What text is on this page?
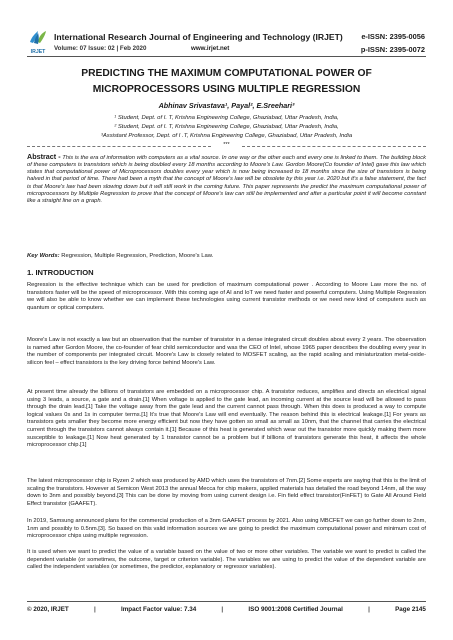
IRJET
International Research Journal of Engineering and Technology (IRJET)
Volume: 07 Issue: 02 | Feb 2020	www.irjet.net
e-ISSN: 2395-0056
p-ISSN: 2395-0072
PREDICTING THE MAXIMUM COMPUTATIONAL POWER OF MICROPROCESSORS USING MULTIPLE REGRESSION
Abhinav Srivastava¹, Payal², E.Sreehari³
¹ Student, Dept. of I. T, Krishna Engineering College, Ghaziabad, Uttar Pradesh, India,
² Student, Dept. of I. T, Krishna Engineering College, Ghaziabad, Uttar Pradesh, India,
³Assistant Professor, Dept. of I .T, Krishna Engineering College, Ghaziabad, Uttar Pradesh, India
***
Abstract - This is the era of information with computers as a vital source. In one way or the other each and every one is linked to them. The building block of these computers is transistors which is being doubled every 18 months according to Moore's Law. Gordon Moore(Co founder of Intel) gave this law which states that computational power of Microprocessors doubles every year which is now being increased to 18 months since the size of transistors is being halved in that period of time. There had been a myth that the concept of Moore's law will be obsolete by this year i.e. 2020 but it's a false statement, the fact is that Moore's law had been slowing down but it will still work in the coming future. This paper represents the predict the maximum computational power of microprocessors by Multiple Regression to prove that the concept of Moore's law can still be implemented and after a particular point it will become constant like a straight line on a graph.
Key Words: Regression, Multiple Regression, Prediction, Moore's Law.
1. INTRODUCTION
Regression is the effective technique which can be used for prediction of maximum computational power . According to Moore Law more the no. of transistors faster will be the speed of microprocessor. With this coming age of AI and IoT we need faster and powerful computers. Using Multiple Regression we will also be able to know whether we can implement these technologies using current transistor methods or we need new kind of computers such as quantum or optical computers.
Moore's Law is not exactly a law but an observation that the number of transistor in a dense integrated circuit doubles about every 2 years. The observation is named after Gordon Moore, the co-founder of fear child semiconductor and was the CEO of Intel, whose 1965 paper describes the doubling every year in the number of components per integrated circuit. Moore's Law is closely related to MOSFET scaling, as the rapid scaling and miniaturization metal-oxide-silicon feel – effect transistors is the key driving force behind Moore's Law.
At present time already the billions of transistors are embedded on a microprocessor chip. A transistor reduces, amplifies and directs an electrical signal using 3 leads, a source, a gate and a drain.[1] When voltage is applied to the gate lead, an incoming current at the source lead will be allowed to pass through the drain lead.[1] Take the voltage away from the gate lead and the current cannot pass through. When this does is produced a way to compute logical values 0s and 1s in computer terms.[1] It's true that Moore's Law will end eventually. The reason behind this is electrical leakage.[1] For years as transistors gets smaller they become more energy efficient but now they have gotten so small as small as 10nm, that the channel that carries the electrical current through the transistors cannot always contain it.[1] Because of this heat is generated which wear out the transistor more quickly making them more susceptible to leakage.[1] Now heat generated by 1 transistor cannot be a problem but if billions of transistors generate this heat, it affects the whole microprocessor chip.[1]
The latest microprocessor chip is Ryzen 2 which was produced by AMD which uses the transistors of 7nm.[2] Some experts are saying that this is the limit of scaling the transistors. However at Semicon West 2013 the annual Mecca for chip makers, applied materials has detailed the road beyond 14nm, all the way down to 3nm and possibly beyond.[3] This can be done by moving from using current design i.e. Fin field effect transistor(FinFET) to Gate All Around Field Effect transistor (GAAFET).
In 2019, Samsung announced plans for the commercial production of a 3nm GAAFET process by 2021. Also using MBCFET we can go further down to 2nm, 1nm and possibly to 0.5nm.[3]. So based on this valid information sources we are going to predict the maximum computational power and minimum cost of microprocessor chips using multiple regression.
It is used when we want to predict the value of a variable based on the value of two or more other variables. The variable we want to predict is called the dependent variable (or sometimes, the outcome, target or criterion variable). The variables we are using to predict the value of the dependent variable are called the independent variables (or sometimes, the predictor, explanatory or regressor variables).
© 2020, IRJET	|	Impact Factor value: 7.34	|	ISO 9001:2008 Certified Journal	|	Page 2145
